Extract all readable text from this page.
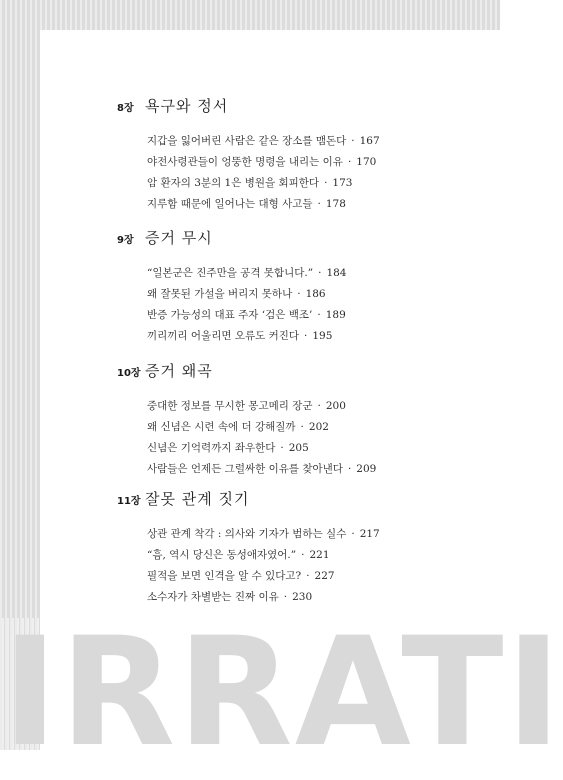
IRRATI
8장 욕구와 정서
지갑을 잃어버린 사람은 같은 장소를 맴돈다 · 167
야전사령관들이 엉뚱한 명령을 내리는 이유 · 170
암 환자의 3분의 1은 병원을 회피한다 · 173
지루함 때문에 일어나는 대형 사고들 · 178
9장 증거 무시
“일본군은 진주만을 공격 못합니다.” · 184
왜 잘못된 가설을 버리지 못하나 · 186
반증 가능성의 대표 주자 ‘검은 백조’ · 189
끼리끼리 어울리면 오류도 커진다 · 195
10장 증거 왜곡
중대한 정보를 무시한 몽고메리 장군 · 200
왜 신념은 시련 속에 더 강해질까 · 202
신념은 기억력까지 좌우한다 · 205
사람들은 언제든 그럴싸한 이유를 찾아낸다 · 209
11장 잘못 관계 짓기
상관 관계 착각 : 의사와 기자가 범하는 실수 · 217
“흠, 역시 당신은 동성애자였어.” · 221
필적을 보면 인격을 알 수 있다고? · 227
소수자가 차별받는 진짜 이유 · 230
